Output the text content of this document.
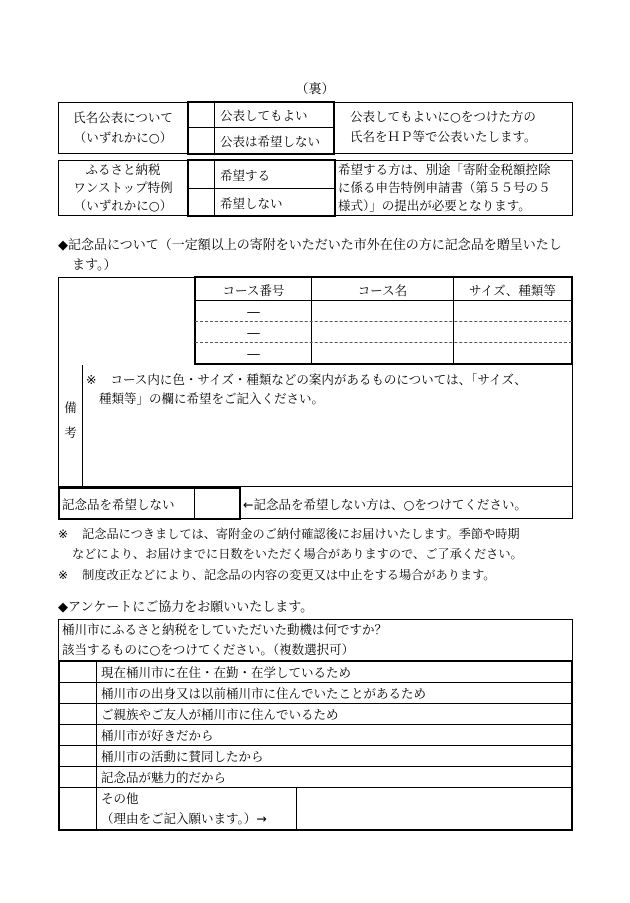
（裏）
氏名公表について
（いずれかに○）
公表してもよい
公表は希望しない
公表してもよいに○をつけた方の
氏名をＨＰ等で公表いたします。
ふるさと納税
ワンストップ特例
（いずれかに○）
希望する
希望しない
希望する方は、別途「寄附金税額控除
に係る申告特例申請書（第５５号の５
様式）」の提出が必要となります。
◆記念品について（一定額以上の寄附をいただいた市外在住の方に記念品を贈呈いたし
ます。）
コース番号	コース名	サイズ、種類等
―
―
―
備
考
※ コース内に色・サイズ・種類などの案内があるものについては、「サイズ、
種類等」の欄に希望をご記入ください。
記念品を希望しない	←記念品を希望しない方は、○をつけてください。
※ 記念品につきましては、寄附金のご納付確認後にお届けいたします。季節や時期
などにより、お届けまでに日数をいただく場合がありますので、ご了承ください。
※ 制度改正などにより、記念品の内容の変更又は中止をする場合があります。
◆アンケートにご協力をお願いいたします。
桶川市にふるさと納税をしていただいた動機は何ですか？
該当するものに○をつけてください。（複数選択可）
現在桶川市に在住・在勤・在学しているため
桶川市の出身又は以前桶川市に住んでいたことがあるため
ご親族やご友人が桶川市に住んでいるため
桶川市が好きだから
桶川市の活動に賛同したから
記念品が魅力的だから
その他
（理由をご記入願います。）→
